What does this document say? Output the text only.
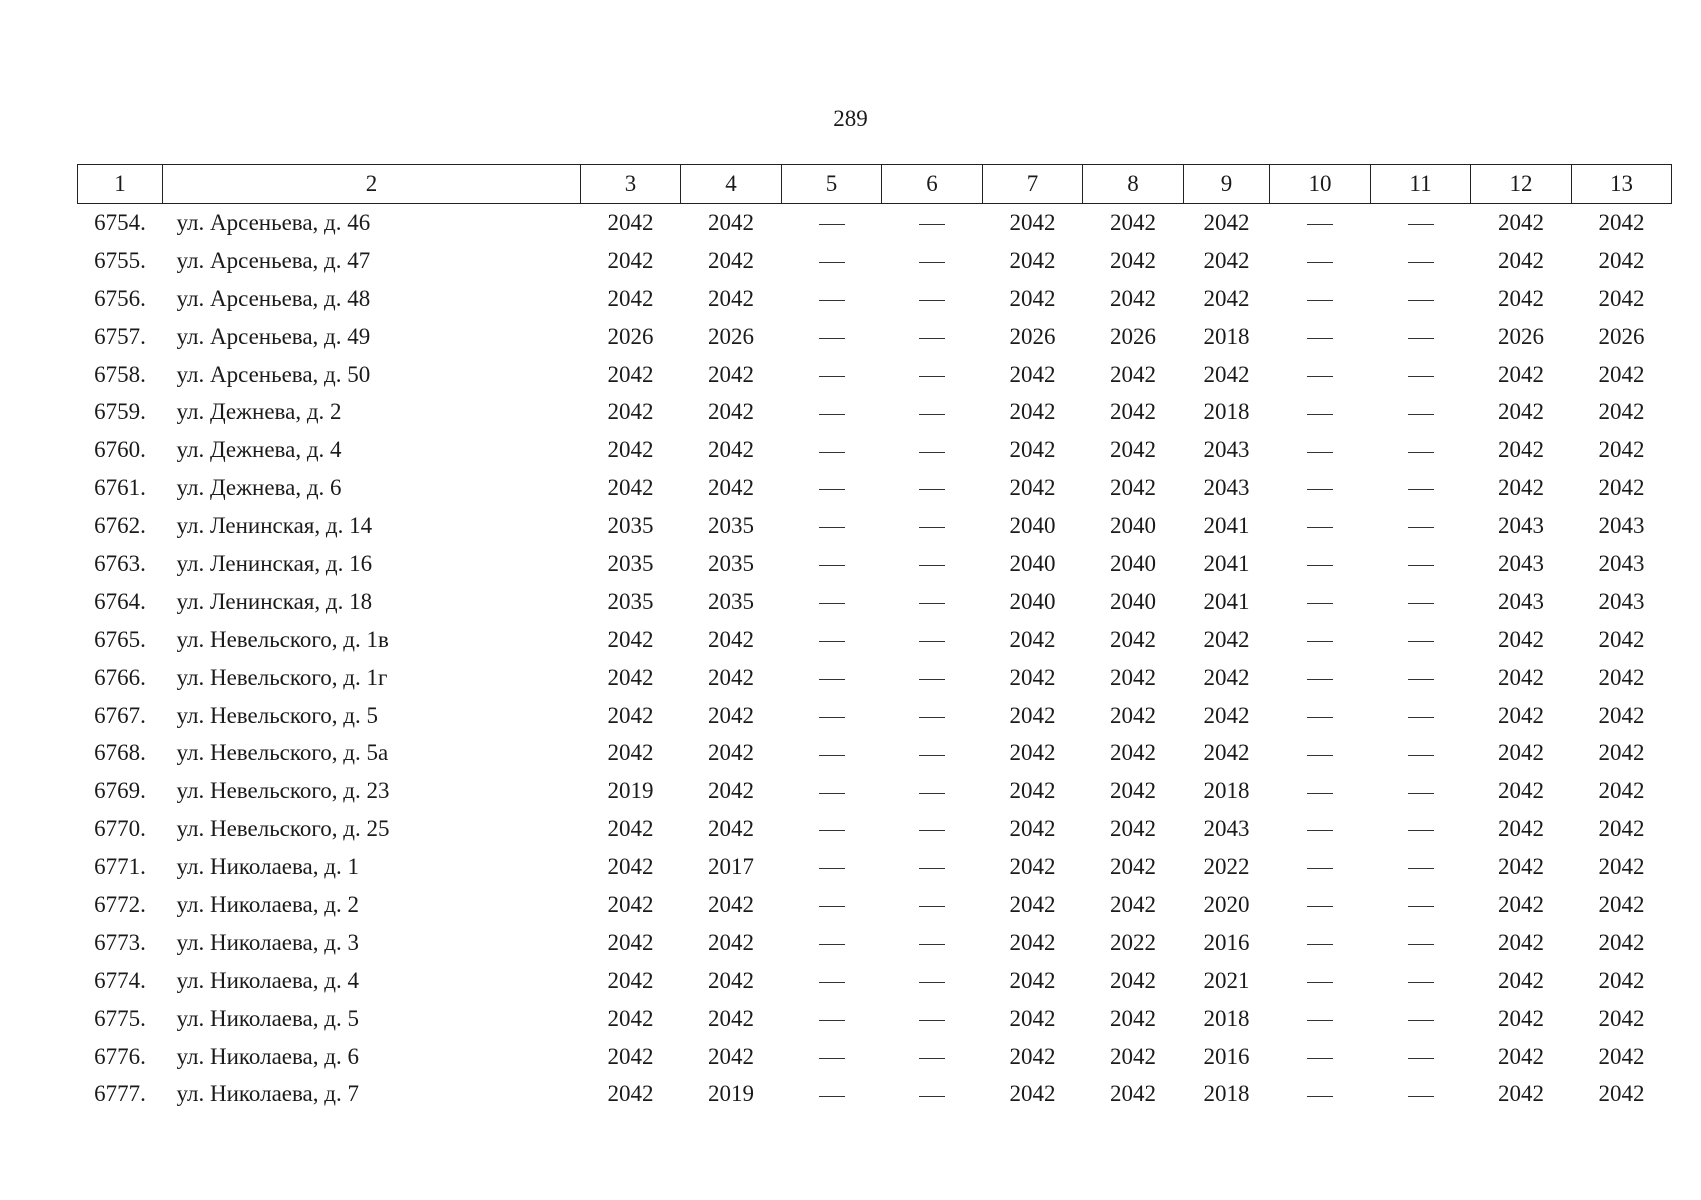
289
1	2	3	4	5	6	7	8	9	10	11	12	13
6754.	ул. Арсеньева, д. 46	2042	2042			2042	2042	2042			2042	2042
6755.	ул. Арсеньева, д. 47	2042	2042			2042	2042	2042			2042	2042
6756.	ул. Арсеньева, д. 48	2042	2042			2042	2042	2042			2042	2042
6757.	ул. Арсеньева, д. 49	2026	2026			2026	2026	2018			2026	2026
6758.	ул. Арсеньева, д. 50	2042	2042			2042	2042	2042			2042	2042
6759.	ул. Дежнева, д. 2	2042	2042			2042	2042	2018			2042	2042
6760.	ул. Дежнева, д. 4	2042	2042			2042	2042	2043			2042	2042
6761.	ул. Дежнева, д. 6	2042	2042			2042	2042	2043			2042	2042
6762.	ул. Ленинская, д. 14	2035	2035			2040	2040	2041			2043	2043
6763.	ул. Ленинская, д. 16	2035	2035			2040	2040	2041			2043	2043
6764.	ул. Ленинская, д. 18	2035	2035			2040	2040	2041			2043	2043
6765.	ул. Невельского, д. 1в	2042	2042			2042	2042	2042			2042	2042
6766.	ул. Невельского, д. 1г	2042	2042			2042	2042	2042			2042	2042
6767.	ул. Невельского, д. 5	2042	2042			2042	2042	2042			2042	2042
6768.	ул. Невельского, д. 5а	2042	2042			2042	2042	2042			2042	2042
6769.	ул. Невельского, д. 23	2019	2042			2042	2042	2018			2042	2042
6770.	ул. Невельского, д. 25	2042	2042			2042	2042	2043			2042	2042
6771.	ул. Николаева, д. 1	2042	2017			2042	2042	2022			2042	2042
6772.	ул. Николаева, д. 2	2042	2042			2042	2042	2020			2042	2042
6773.	ул. Николаева, д. 3	2042	2042			2042	2022	2016			2042	2042
6774.	ул. Николаева, д. 4	2042	2042			2042	2042	2021			2042	2042
6775.	ул. Николаева, д. 5	2042	2042			2042	2042	2018			2042	2042
6776.	ул. Николаева, д. 6	2042	2042			2042	2042	2016			2042	2042
6777.	ул. Николаева, д. 7	2042	2019			2042	2042	2018			2042	2042
